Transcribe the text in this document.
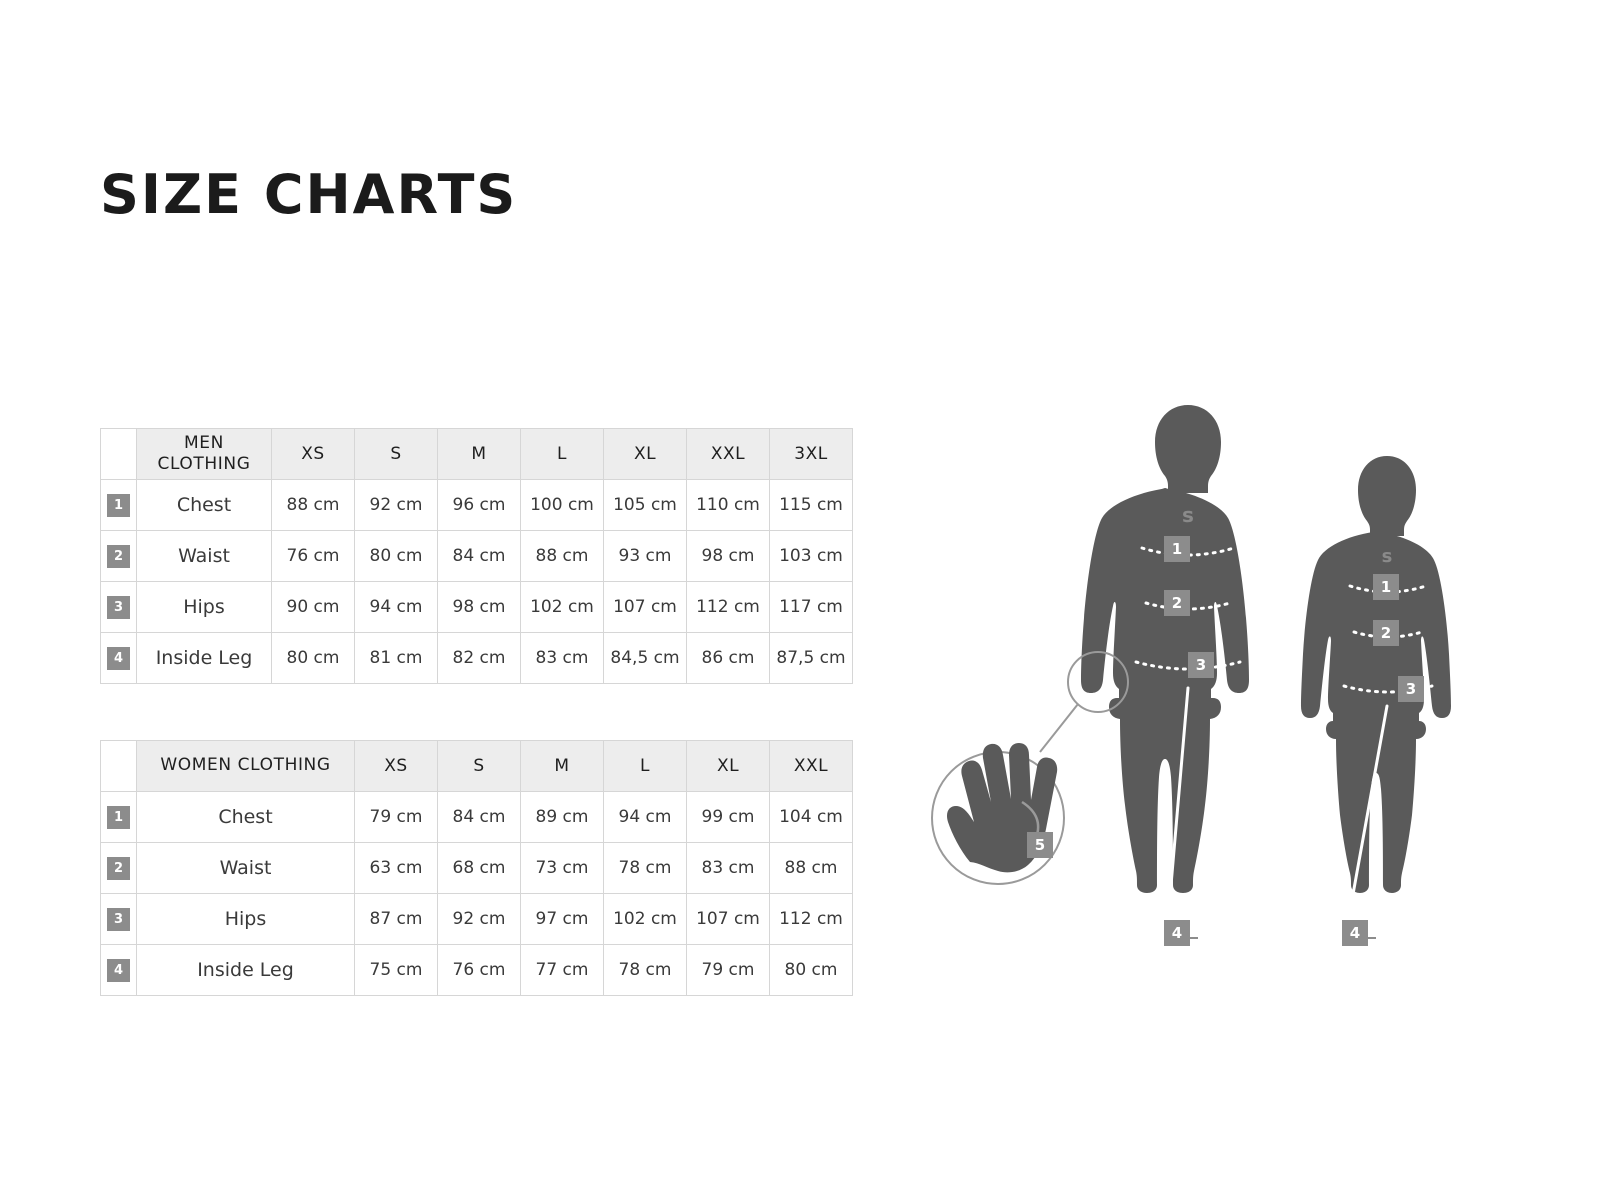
SIZE CHARTS
	MEN CLOTHING	XS	S	M	L	XL	XXL	3XL
1	Chest	88 cm	92 cm	96 cm	100 cm	105 cm	110 cm	115 cm
2	Waist	76 cm	80 cm	84 cm	88 cm	93 cm	98 cm	103 cm
3	Hips	90 cm	94 cm	98 cm	102 cm	107 cm	112 cm	117 cm
4	Inside Leg	80 cm	81 cm	82 cm	83 cm	84,5 cm	86 cm	87,5 cm
	WOMEN CLOTHING	XS	S	M	L	XL	XXL
1	Chest	79 cm	84 cm	89 cm	94 cm	99 cm	104 cm
2	Waist	63 cm	68 cm	73 cm	78 cm	83 cm	88 cm
3	Hips	87 cm	92 cm	97 cm	102 cm	107 cm	112 cm
4	Inside Leg	75 cm	76 cm	77 cm	78 cm	79 cm	80 cm
s
1
2
3
4
s
1
2
3
4
5
